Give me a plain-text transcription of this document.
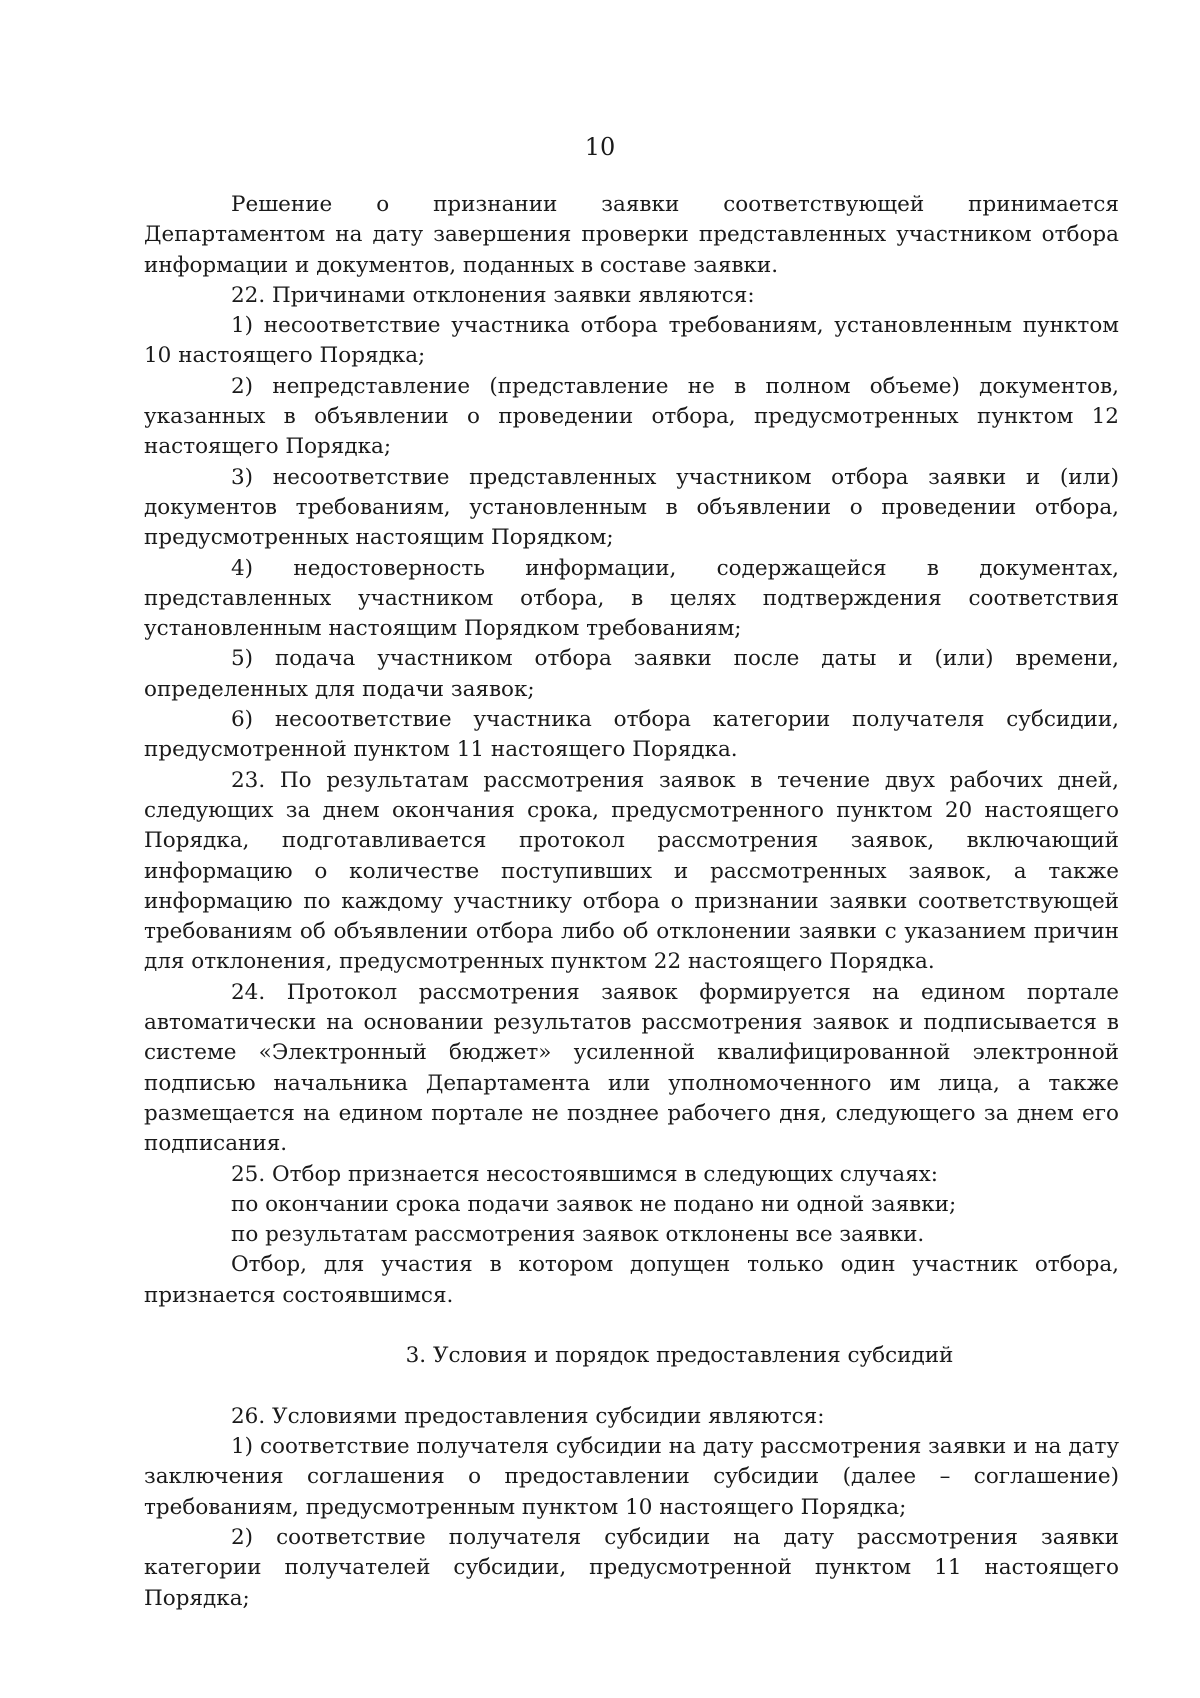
10

Решение о признании заявки соответствующей принимается Департаментом на дату завершения проверки представленных участником отбора информации и документов, поданных в составе заявки.

22. Причинами отклонения заявки являются:

1) несоответствие участника отбора требованиям, установленным пунктом 10 настоящего Порядка;

2) непредставление (представление не в полном объеме) документов, указанных в объявлении о проведении отбора, предусмотренных пунктом 12 настоящего Порядка;

3) несоответствие представленных участником отбора заявки и (или) документов требованиям, установленным в объявлении о проведении отбора, предусмотренных настоящим Порядком;

4) недостоверность информации, содержащейся в документах, представленных участником отбора, в целях подтверждения соответствия установленным настоящим Порядком требованиям;

5) подача участником отбора заявки после даты и (или) времени, определенных для подачи заявок;

6) несоответствие участника отбора категории получателя субсидии, предусмотренной пунктом 11 настоящего Порядка.

23. По результатам рассмотрения заявок в течение двух рабочих дней, следующих за днем окончания срока, предусмотренного пунктом 20 настоящего Порядка, подготавливается протокол рассмотрения заявок, включающий информацию о количестве поступивших и рассмотренных заявок, а также информацию по каждому участнику отбора о признании заявки соответствующей требованиям об объявлении отбора либо об отклонении заявки с указанием причин для отклонения, предусмотренных пунктом 22 настоящего Порядка.

24. Протокол рассмотрения заявок формируется на едином портале автоматически на основании результатов рассмотрения заявок и подписывается в системе «Электронный бюджет» усиленной квалифицированной электронной подписью начальника Департамента или уполномоченного им лица, а также размещается на едином портале не позднее рабочего дня, следующего за днем его подписания.

25. Отбор признается несостоявшимся в следующих случаях:

по окончании срока подачи заявок не подано ни одной заявки;

по результатам рассмотрения заявок отклонены все заявки.

Отбор, для участия в котором допущен только один участник отбора, признается состоявшимся.

3. Условия и порядок предоставления субсидий

26. Условиями предоставления субсидии являются:

1) соответствие получателя субсидии на дату рассмотрения заявки и на дату заключения соглашения о предоставлении субсидии (далее – соглашение) требованиям, предусмотренным пунктом 10 настоящего Порядка;

2) соответствие получателя субсидии на дату рассмотрения заявки категории получателей субсидии, предусмотренной пунктом 11 настоящего Порядка;
